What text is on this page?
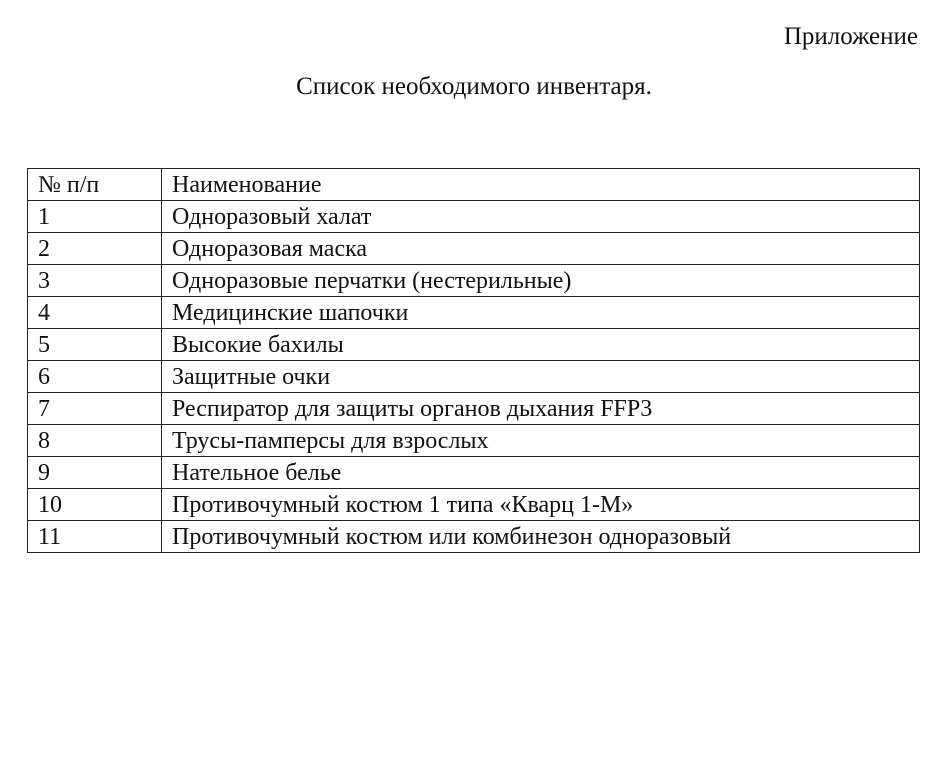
Приложение
Список необходимого инвентаря.
№ п/п	Наименование
1	Одноразовый халат
2	Одноразовая маска
3	Одноразовые перчатки (нестерильные)
4	Медицинские шапочки
5	Высокие бахилы
6	Защитные очки
7	Респиратор для защиты органов дыхания FFP3
8	Трусы-памперсы для взрослых
9	Нательное белье
10	Противочумный костюм 1 типа «Кварц 1-М»
11	Противочумный костюм или комбинезон одноразовый
